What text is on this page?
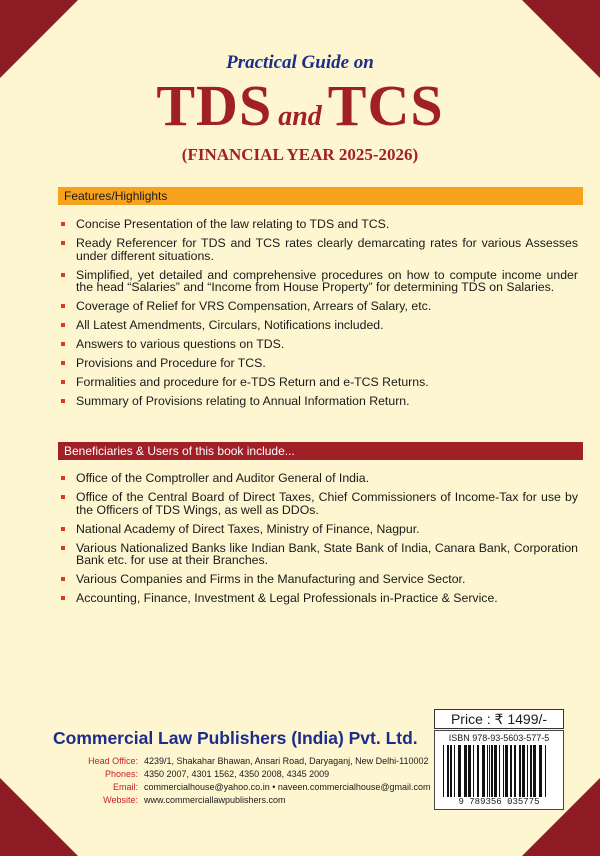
Practical Guide on
TDS and TCS
(FINANCIAL YEAR 2025-2026)
Features/Highlights
Concise Presentation of the law relating to TDS and TCS.
Ready Referencer for TDS and TCS rates clearly demarcating rates for various Assesses under different situations.
Simplified, yet detailed and comprehensive procedures on how to compute income under the head “Salaries” and “Income from House Property” for determining TDS on Salaries.
Coverage of Relief for VRS Compensation, Arrears of Salary, etc.
All Latest Amendments, Circulars, Notifications included.
Answers to various questions on TDS.
Provisions and Procedure for TCS.
Formalities and procedure for e-TDS Return and e-TCS Returns.
Summary of Provisions relating to Annual Information Return.
Beneficiaries & Users of this book include...
Office of the Comptroller and Auditor General of India.
Office of the Central Board of Direct Taxes, Chief Commissioners of Income-Tax for use by the Officers of TDS Wings, as well as DDOs.
National Academy of Direct Taxes, Ministry of Finance, Nagpur.
Various Nationalized Banks like Indian Bank, State Bank of India, Canara Bank, Corporation Bank etc. for use at their Branches.
Various Companies and Firms in the Manufacturing and Service Sector.
Accounting, Finance, Investment & Legal Professionals in-Practice & Service.
Price : ₹ 1499/-
Commercial Law Publishers (India) Pvt. Ltd.
Head Office: 4239/1, Shakahar Bhawan, Ansari Road, Daryaganj, New Delhi-110002
Phones: 4350 2007, 4301 1562, 4350 2008, 4345 2009
Email: commercialhouse@yahoo.co.in • naveen.commercialhouse@gmail.com
Website: www.commerciallawpublishers.com
ISBN 978-93-5603-577-5
9 789356 035775
